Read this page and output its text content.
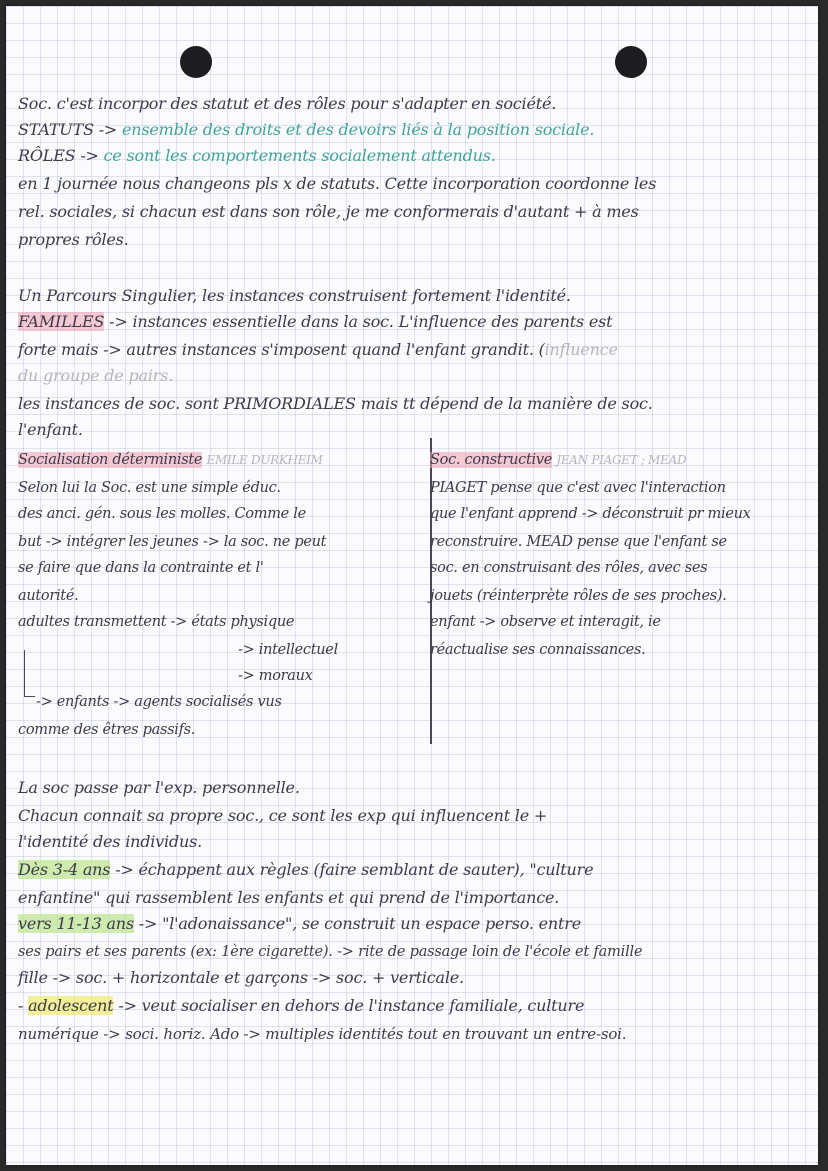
Soc. c'est incorpor des statut et des rôles pour s'adapter en société.
STATUTS -> ensemble des droits et des devoirs liés à la position sociale.
RÔLES -> ce sont les comportements socialement attendus.
en 1 journée nous changeons pls x de statuts. Cette incorporation coordonne les
rel. sociales, si chacun est dans son rôle, je me conformerais d'autant + à mes
propres rôles.
Un Parcours Singulier, les instances construisent fortement l'identité.
FAMILLES -> instances essentielle dans la soc. L'influence des parents est
forte mais -> autres instances s'imposent quand l'enfant grandit. (influence
du groupe de pairs.
les instances de soc. sont PRIMORDIALES mais tt dépend de la manière de soc.
l'enfant.
Socialisation déterministe EMILE DURKHEIM
Selon lui la Soc. est une simple éduc.
des anci. gén. sous les molles. Comme le
but -> intégrer les jeunes -> la soc. ne peut
se faire que dans la contrainte et l'
autorité.
adultes transmettent -> états physique
-> intellectuel
-> moraux
-> enfants -> agents socialisés vus
comme des êtres passifs.
Soc. constructive JEAN PIAGET ; MEAD
PIAGET pense que c'est avec l'interaction
que l'enfant apprend -> déconstruit pr mieux
reconstruire. MEAD pense que l'enfant se
soc. en construisant des rôles, avec ses
jouets (réinterprète rôles de ses proches).
enfant -> observe et interagit, ie
réactualise ses connaissances.
La soc passe par l'exp. personnelle.
Chacun connait sa propre soc., ce sont les exp qui influencent le +
l'identité des individus.
Dès 3-4 ans -> échappent aux règles (faire semblant de sauter), "culture
enfantine" qui rassemblent les enfants et qui prend de l'importance.
vers 11-13 ans -> "l'adonaissance", se construit un espace perso. entre
ses pairs et ses parents (ex: 1ère cigarette). -> rite de passage loin de l'école et famille
fille -> soc. + horizontale et garçons -> soc. + verticale.
- adolescent -> veut socialiser en dehors de l'instance familiale, culture
numérique -> soci. horiz. Ado -> multiples identités tout en trouvant un entre-soi.
